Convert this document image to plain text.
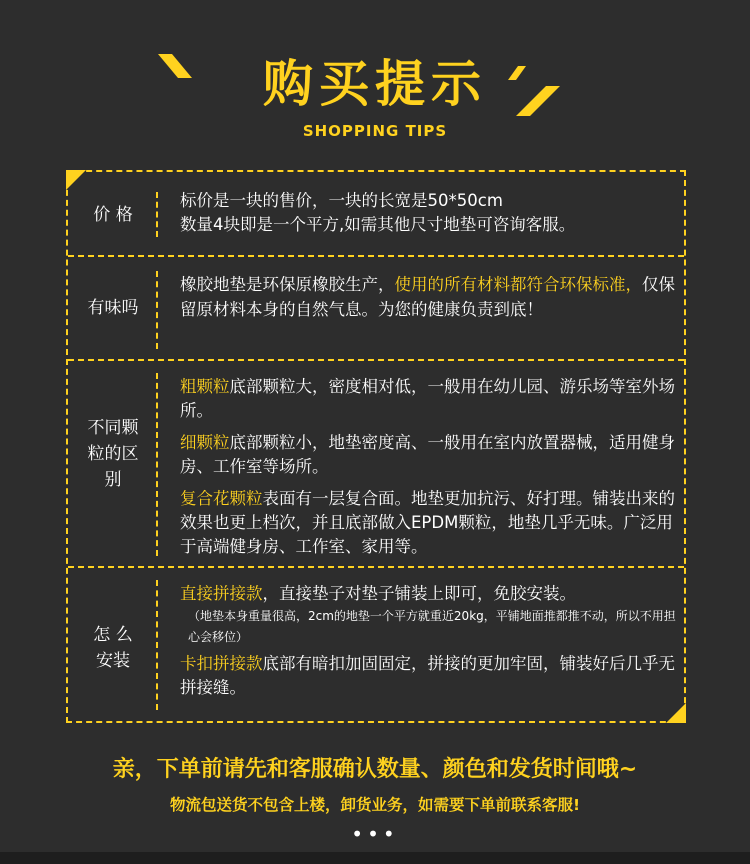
购买提示
SHOPPING TIPS
价 格
标价是一块的售价，一块的长宽是50*50cm
数量4块即是一个平方,如需其他尺寸地垫可咨询客服。
有味吗
橡胶地垫是环保原橡胶生产，使用的所有材料都符合环保标准，仅保留原材料本身的自然气息。为您的健康负责到底！
不同颗
粒的区
别
粗颗粒底部颗粒大，密度相对低，一般用在幼儿园、游乐场等室外场所。
细颗粒底部颗粒小，地垫密度高、一般用在室内放置器械，适用健身房、工作室等场所。
复合花颗粒表面有一层复合面。地垫更加抗污、好打理。铺装出来的效果也更上档次，并且底部做入EPDM颗粒，地垫几乎无味。广泛用于高端健身房、工作室、家用等。
怎 么
安装
直接拼接款，直接垫子对垫子铺装上即可，免胶安装。
（地垫本身重量很高，2cm的地垫一个平方就重近20kg，平铺地面推都推不动，所以不用担心会移位）
卡扣拼接款底部有暗扣加固固定，拼接的更加牢固，铺装好后几乎无拼接缝。
亲，下单前请先和客服确认数量、颜色和发货时间哦~
物流包送货不包含上楼，卸货业务，如需要下单前联系客服!
•••
